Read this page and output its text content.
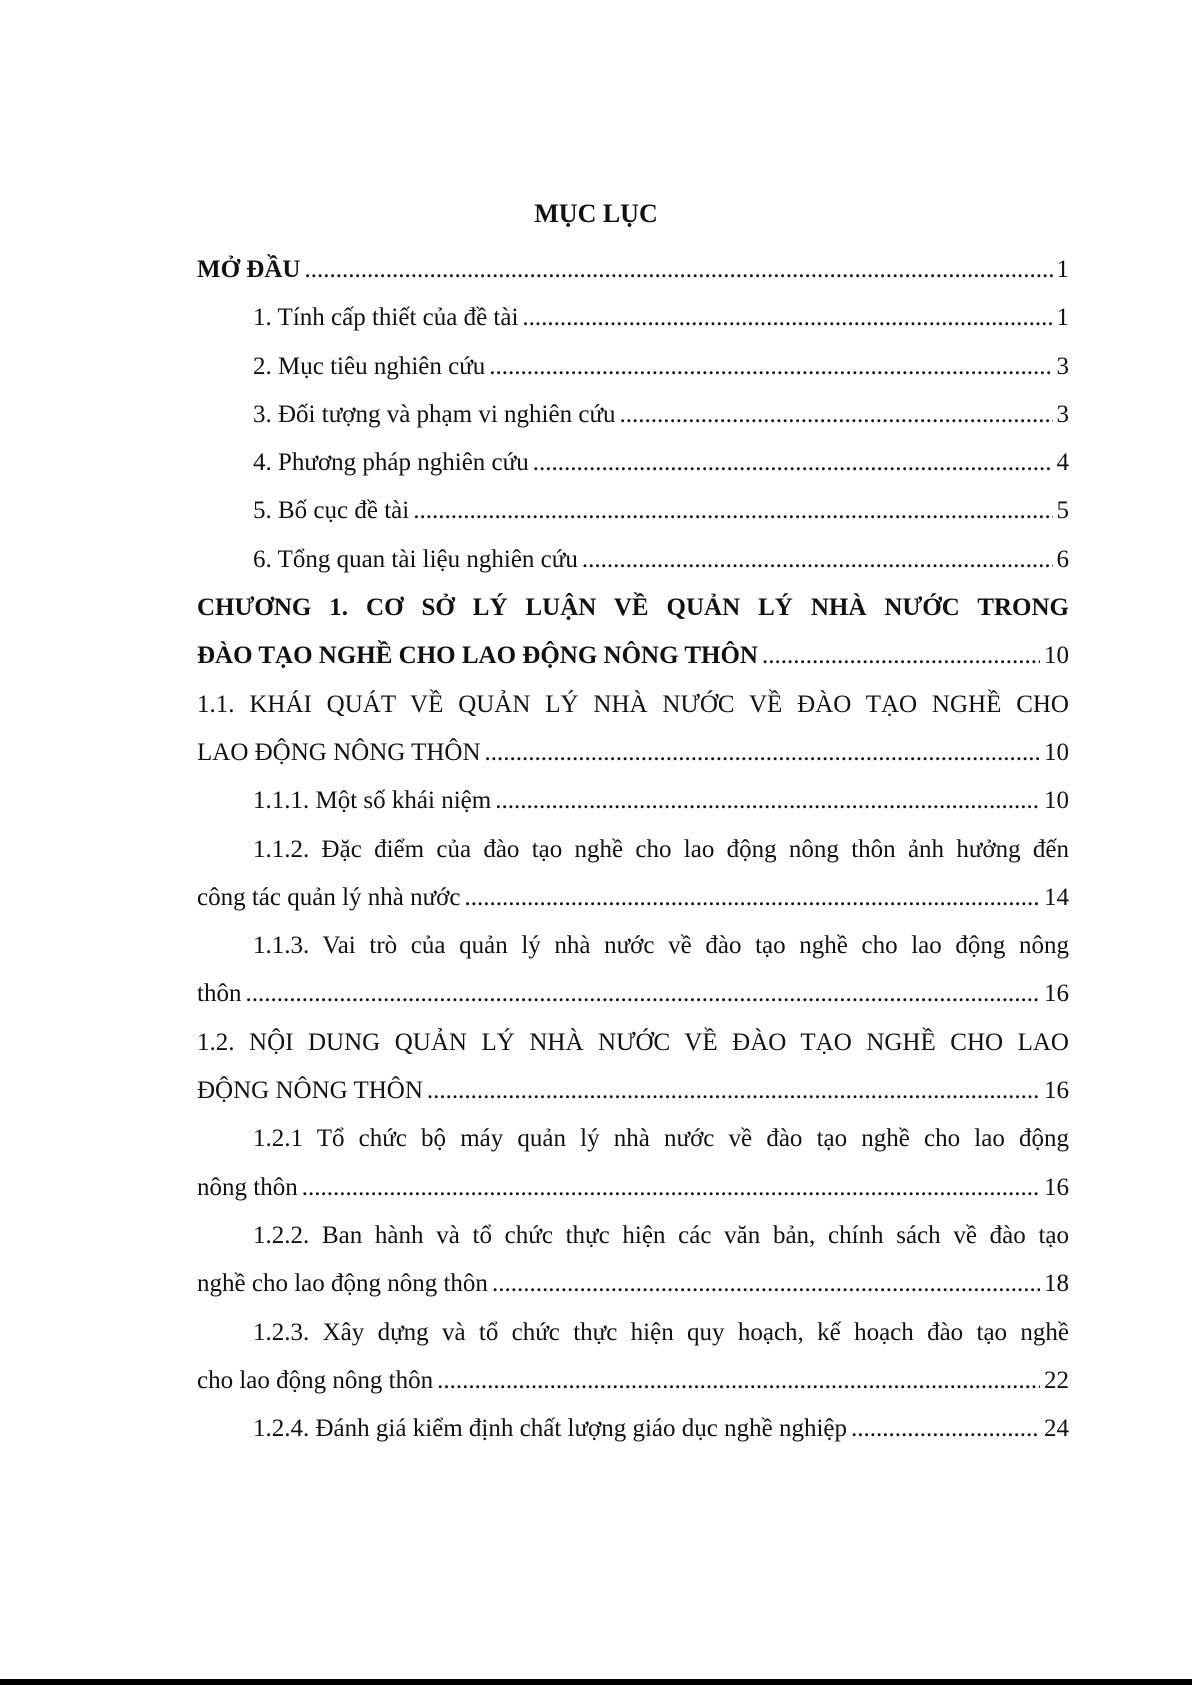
MỤC LỤC
MỞ ĐẦU .....	1
1. Tính cấp thiết của đề tài .....	1
2. Mục tiêu nghiên cứu .....	3
3. Đối tượng và phạm vi nghiên cứu .....	3
4. Phương pháp nghiên cứu .....	4
5. Bố cục đề tài .....	5
6. Tổng quan tài liệu nghiên cứu .....	6
CHƯƠNG 1. CƠ SỞ LÝ LUẬN VỀ QUẢN LÝ NHÀ NƯỚC TRONG
ĐÀO TẠO NGHỀ CHO LAO ĐỘNG NÔNG THÔN .....	10
1.1. KHÁI QUÁT VỀ QUẢN LÝ NHÀ NƯỚC VỀ ĐÀO TẠO NGHỀ CHO
LAO ĐỘNG NÔNG THÔN .....	10
1.1.1. Một số khái niệm .....	10
1.1.2. Đặc điểm của đào tạo nghề cho lao động nông thôn ảnh hưởng đến
công tác quản lý nhà nước .....	14
1.1.3. Vai trò của quản lý nhà nước về đào tạo nghề cho lao động nông
thôn .....	16
1.2. NỘI DUNG QUẢN LÝ NHÀ NƯỚC VỀ ĐÀO TẠO NGHỀ CHO LAO
ĐỘNG NÔNG THÔN .....	16
1.2.1 Tổ chức bộ máy quản lý nhà nước về đào tạo nghề cho lao động
nông thôn .....	16
1.2.2. Ban hành và tổ chức thực hiện các văn bản, chính sách về đào tạo
nghề cho lao động nông thôn .....	18
1.2.3. Xây dựng và tổ chức thực hiện quy hoạch, kế hoạch đào tạo nghề
cho lao động nông thôn .....	22
1.2.4. Đánh giá kiểm định chất lượng giáo dục nghề nghiệp .....	24
